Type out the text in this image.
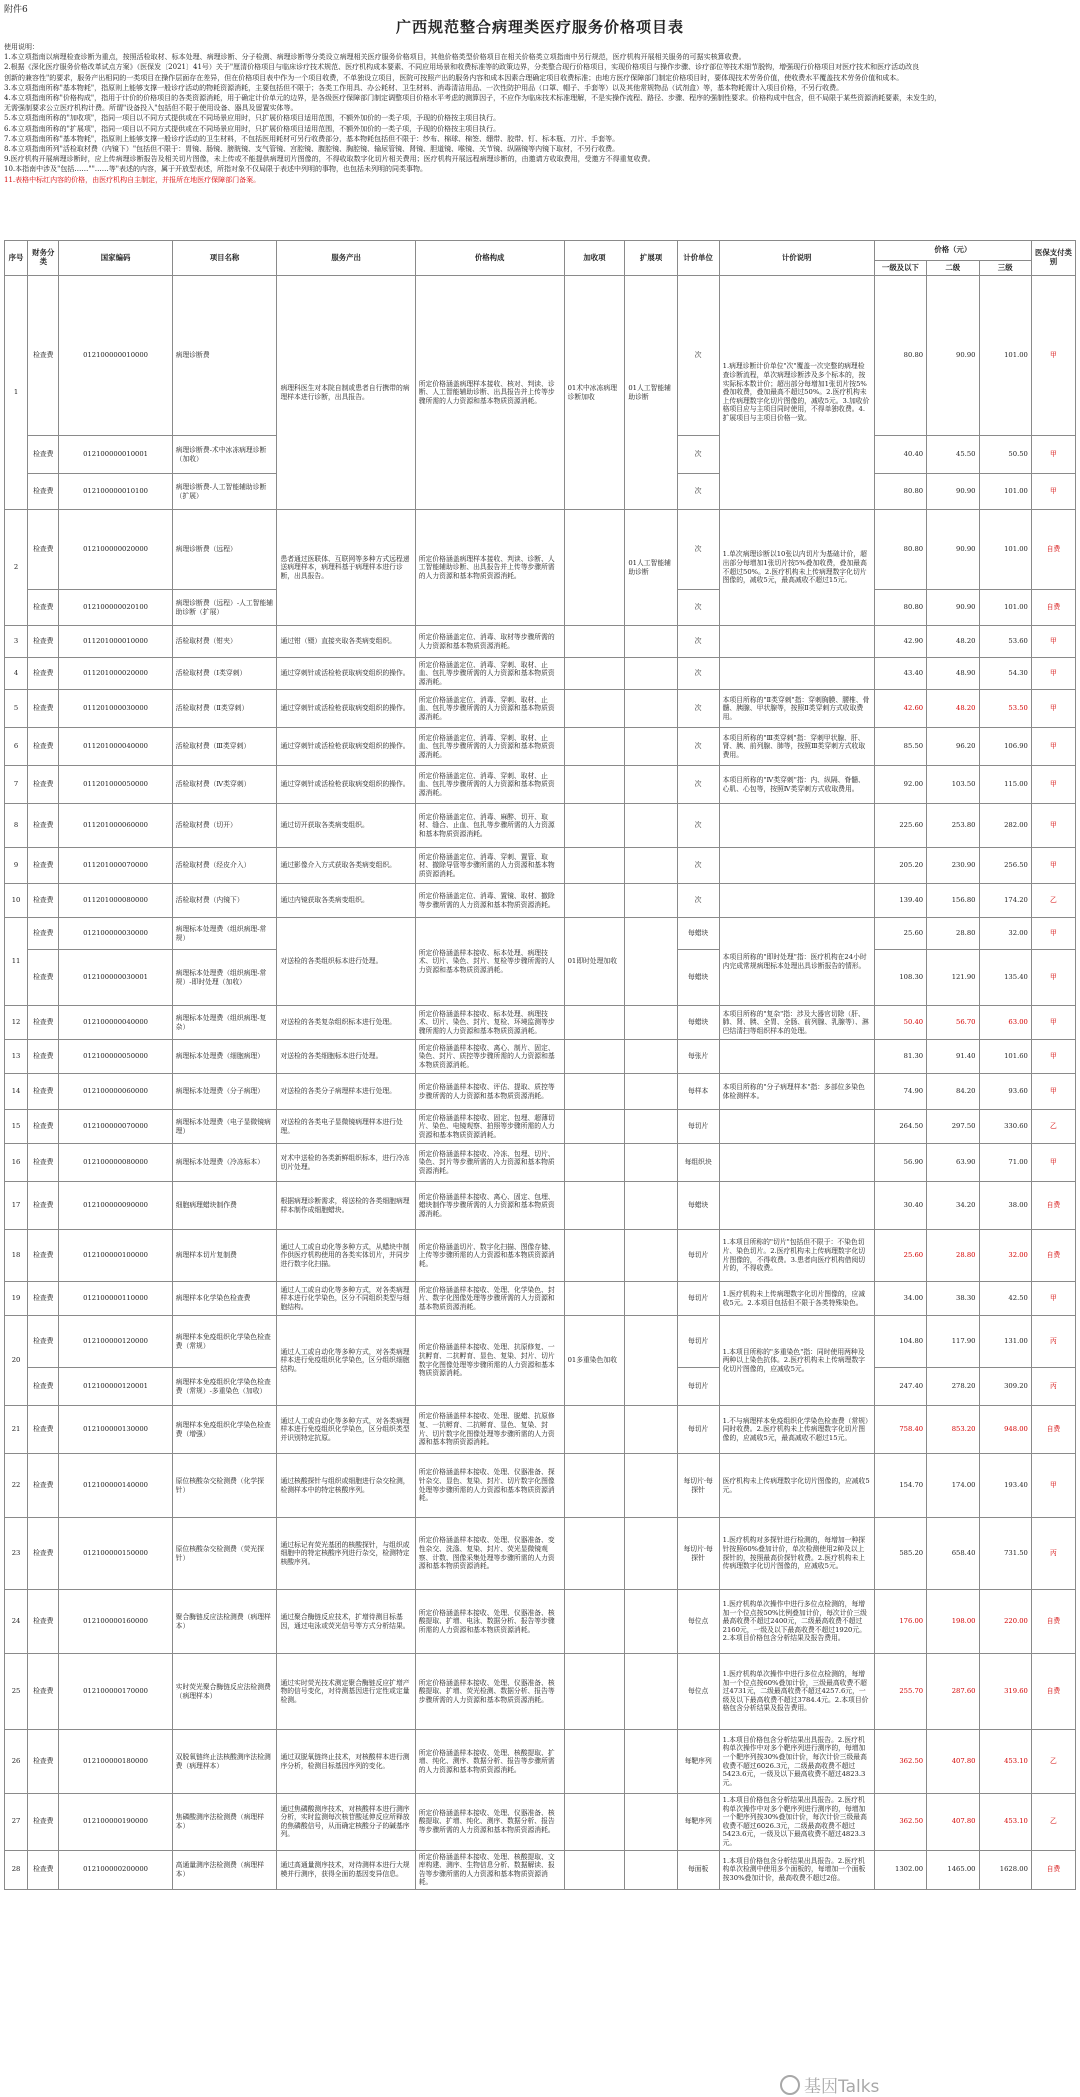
附件6
广西规范整合病理类医疗服务价格项目表
使用说明：
1.本立项指南以病理检查诊断为重点，按照活检取材、标本处理、病理诊断、分子检测、病理诊断等分类设立病理相关医疗服务价格项目，其他价格类型价格项目在相关价格类立项指南中另行规范，医疗机构开展相关服务的可据实核算收费。
2.根据《深化医疗服务价格改革试点方案》（医保发〔2021〕41号）关于"厘清价格项目与临床诊疗技术规范、医疗机构成本要素、不同应用场景和收费标准等的政策边界，分类整合现行价格项目，实现价格项目与操作步骤、诊疗部位等技术细节脱钩，增强现行价格项目对医疗技术和医疗活动改良
创新的兼容性"的要求，服务产出相同的一类项目在操作层面存在差异，但在价格项目表中作为一个项目收费，不单独设立项目，医院可按照产出的服务内容和成本因素合理确定项目收费标准；由地方医疗保障部门制定价格项目时，要体现技术劳务价值，使收费水平覆盖技术劳务价值和成本。
3.本立项指南所称"基本物耗"，指原则上能够支撑一般诊疗活动的物耗资源消耗，主要包括但不限于；各类工作用具、办公耗材、卫生材料、消毒清洁用品、一次性防护用品（口罩、帽子、手套等）以及其他常规物品（试剂盒）等，基本物耗需计入项目价格，不另行收费。
4.本立项指南所称"价格构成"，指用于计价的价格项目的各类资源消耗，用于确定计价单元的边界，是各级医疗保障部门制定调整项目价格水平考虑的测算因子，不应作为临床技术标准理解，不是实操作流程、路径、步骤、程序的强制性要求。价格构成中包含，但不局限于某些资源消耗要素，未发生的，
无需强制要求公立医疗机构计费。所谓"设备投入"包括但不限于使用设备、器具及留置实体等。
5.本立项指南所称的"加收项"，指同一项目以不同方式提供或在不同场景应用时，只扩展价格项目适用范围，不额外加价的一类子项，予现的价格按主项目执行。
6.本立项指南所称的"扩展项"，指同一项目以不同方式提供或在不同场景应用时，只扩展价格项目适用范围，不额外加价的一类子项，予现的价格按主项目执行。
7.本立项指南所称"基本物耗"，指原则上能够支撑一般诊疗活动的卫生材料，不包括医用耗材可另行收费部分，基本物耗包括但不限于：纱布、棉球、棉签、绷带、胶带、钉、标本瓶、刀片、手套等。
8.本立项指南所列"活检取材费（内镜下）"包括但不限于：胃镜、肠镜、膀胱镜、支气管镜、宫腔镜、腹腔镜、胸腔镜、输尿管镜、肾镜、胆道镜、喉镜、关节镜、纵隔镜等内镜下取材，不另行收费。
9.医疗机构开展病理诊断时，应上传病理诊断报告及相关切片图像，未上传或不能提供病理切片图像的，不得收取数字化切片相关费用；医疗机构开展远程病理诊断的，由邀请方收取费用，受邀方不得重复收费。
10.本指南中涉及"包括……""……等"表述的内容，属于开放型表述，所指对象不仅局限于表述中列明的事物，也包括未列明的同类事物。
11.表格中标红内容的价格，由医疗机构自主制定，并报所在地医疗保障部门备案。
序号	财务分类	国家编码	项目名称	服务产出	价格构成	加收项	扩展项	计价单位	计价说明	价格（元）			医保支付类别
										一级及以下	二级	三级	
1	检查费	012100000010000	病理诊断费	病理科医生对本院自制或患者自行携带的病理样本进行诊断，出具报告。	所定价格涵盖病理样本接收、核对、判读、诊断、人工智能辅助诊断、出具报告并上传等步骤所需的人力资源和基本物质资源消耗。	01术中冰冻病理诊断加收	01人工智能辅助诊断	次	1.病理诊断计价单位"次"覆盖一次完整的病理检查诊断流程，单次病理诊断涉及多个标本的，按实际标本数计价；超出部分每增加1张切片按5%叠加收费，叠加最高不超过50%。2.医疗机构未上传病理数字化切片图像的，减收5元。3.加收价格项目应与主项目同时使用，不得单独收费。4.扩展项目与主项目价格一致。	80.80	90.90	101.00	甲
	检查费	012100000010001	病理诊断费-术中冰冻病理诊断（加收）					次		40.40	45.50	50.50	甲
	检查费	012100000010100	病理诊断费-人工智能辅助诊断（扩展）					次		80.80	90.90	101.00	甲
2	检查费	012100000020000	病理诊断费（远程）	患者通过医联体、互联网等多种方式远程递送病理样本，病理科基于病理样本进行诊断，出具报告。	所定价格涵盖病理样本接收、判读、诊断、人工智能辅助诊断、出具报告并上传等步骤所需的人力资源和基本物质资源消耗。		01人工智能辅助诊断	次	1.单次病理诊断以10张以内切片为基础计价，超出部分每增加1张切片按5%叠加收费，叠加最高不超过50%。2.医疗机构未上传病理数字化切片图像的，减收5元，最高减收不超过15元。	80.80	90.90	101.00	自费
	检查费	012100000020100	病理诊断费（远程）-人工智能辅助诊断（扩展）					次		80.80	90.90	101.00	自费
3	检查费	011201000010000	活检取材费（钳夹）	通过钳（镊）直接夹取各类病变组织。	所定价格涵盖定位、消毒、取材等步骤所需的人力资源和基本物质资源消耗。			次		42.90	48.20	53.60	甲
4	检查费	011201000020000	活检取材费（Ⅰ类穿刺）	通过穿刺针或活检枪获取病变组织的操作。	所定价格涵盖定位、消毒、穿刺、取材、止血、包扎等步骤所需的人力资源和基本物质资源消耗。			次		43.40	48.90	54.30	甲
5	检查费	011201000030000	活检取材费（Ⅱ类穿刺）	通过穿刺针或活检枪获取病变组织的操作。	所定价格涵盖定位、消毒、穿刺、取材、止血、包扎等步骤所需的人力资源和基本物质资源消耗。			次	本项目所称的"Ⅱ类穿刺"指：穿刺胸膜、腰椎、骨髓、胰腺、甲状腺等，按照Ⅱ类穿刺方式收取费用。	42.60	48.20	53.50	甲
6	检查费	011201000040000	活检取材费（Ⅲ类穿刺）	通过穿刺针或活检枪获取病变组织的操作。	所定价格涵盖定位、消毒、穿刺、取材、止血、包扎等步骤所需的人力资源和基本物质资源消耗。			次	本项目所称的"Ⅲ类穿刺"指：穿刺甲状腺、肝、肾、胰、前列腺、肺等，按照Ⅲ类穿刺方式收取费用。	85.50	96.20	106.90	甲
7	检查费	011201000050000	活检取材费（Ⅳ类穿刺）	通过穿刺针或活检枪获取病变组织的操作。	所定价格涵盖定位、消毒、穿刺、取材、止血、包扎等步骤所需的人力资源和基本物质资源消耗。			次	本项目所称的"Ⅳ类穿刺"指：内、纵隔、脊髓、心肌、心包等，按照Ⅳ类穿刺方式收取费用。	92.00	103.50	115.00	甲
8	检查费	011201000060000	活检取材费（切开）	通过切开获取各类病变组织。	所定价格涵盖定位、消毒、麻醉、切开、取材、缝合、止血、包扎等步骤所需的人力资源和基本物质资源消耗。			次		225.60	253.80	282.00	甲
9	检查费	011201000070000	活检取材费（经皮介入）	通过影像介入方式获取各类病变组织。	所定价格涵盖定位、消毒、穿刺、置管、取材、撤除导管等步骤所需的人力资源和基本物质资源消耗。			次		205.20	230.90	256.50	甲
10	检查费	011201000080000	活检取材费（内镜下）	通过内镜获取各类病变组织。	所定价格涵盖定位、消毒、置镜、取材、撤除等步骤所需的人力资源和基本物质资源消耗。			次		139.40	156.80	174.20	乙
11	检查费	012100000030000	病理标本处理费（组织病理-常规）	对送检的各类组织标本进行处理。	所定价格涵盖样本接收、标本处理、病理技术、切片、染色、封片、复检等步骤所需的人力资源和基本物质资源消耗。	01即时处理加收		每蜡块	本项目所称的"即时处理"指：医疗机构在24小时内完成常规病理标本处理出具诊断报告的情形。	25.60	28.80	32.00	甲
	检查费	012100000030001	病理标本处理费（组织病理-常规）-即时处理（加收）					每蜡块		108.30	121.90	135.40	甲
12	检查费	012100000040000	病理标本处理费（组织病理-复杂）	对送检的各类复杂组织标本进行处理。	所定价格涵盖样本接收、标本处理、病理技术、切片、染色、封片、复检、环境监测等步骤所需的人力资源和基本物质资源消耗。			每蜡块	本项目所称的"复杂"指：涉及大器官切除（肝、肺、肾、胰、全胃、全肠、前列腺、乳腺等）、淋巴结清扫等组织样本的处理。	50.40	56.70	63.00	甲
13	检查费	012100000050000	病理标本处理费（细胞病理）	对送检的各类细胞标本进行处理。	所定价格涵盖样本接收、离心、制片、固定、染色、封片、质控等步骤所需的人力资源和基本物质资源消耗。			每张片		81.30	91.40	101.60	甲
14	检查费	012100000060000	病理标本处理费（分子病理）	对送检的各类分子病理样本进行处理。	所定价格涵盖样本接收、评估、提取、质控等步骤所需的人力资源和基本物质资源消耗。			每样本	本项目所称的"分子病理样本"指：多部位多染色体检测样本。	74.90	84.20	93.60	甲
15	检查费	012100000070000	病理标本处理费（电子显微镜病理）	对送检的各类电子显微镜病理样本进行处理。	所定价格涵盖样本接收、固定、包埋、超薄切片、染色、电镜观察、拍照等步骤所需的人力资源和基本物质资源消耗。			每切片		264.50	297.50	330.60	乙
16	检查费	012100000080000	病理标本处理费（冷冻标本）	对术中送检的各类新鲜组织标本，进行冷冻切片处理。	所定价格涵盖样本接收、冷冻、包埋、切片、染色、封片等步骤所需的人力资源和基本物质资源消耗。			每组织块		56.90	63.90	71.00	甲
17	检查费	012100000090000	细胞病理蜡块制作费	根据病理诊断需求，将送检的各类细胞病理样本制作成细胞蜡块。	所定价格涵盖样本接收、离心、固定、包埋、蜡块制作等步骤所需的人力资源和基本物质资源消耗。			每蜡块		30.40	34.20	38.00	自费
18	检查费	012100000100000	病理样本切片复制费	通过人工或自动化等多种方式，从蜡块中制作供医疗机构使用的各类实体切片，并同步进行数字化扫描。	所定价格涵盖切片、数字化扫描、图像存储、上传等步骤所需的人力资源和基本物质资源消耗。			每切片	1.本项目所称的"切片"包括但不限于：不染色切片、染色切片。2.医疗机构未上传病理数字化切片图像的，不得收费。3.患者向医疗机构借阅切片的，不得收费。	25.60	28.80	32.00	自费
19	检查费	012100000110000	病理样本化学染色检查费	通过人工或自动化等多种方式，对各类病理样本进行化学染色，区分不同组织类型与细胞结构。	所定价格涵盖样本接收、处理、化学染色、封片、数字化图像处理等步骤所需的人力资源和基本物质资源消耗。			每切片	1.医疗机构未上传病理数字化切片图像的，应减收5元。2.本项目包括但不限于各类特殊染色。	34.00	38.30	42.50	甲
20	检查费	012100000120000	病理样本免疫组织化学染色检查费（常规）	通过人工或自动化等多种方式，对各类病理样本进行免疫组织化学染色，区分组织细胞结构。	所定价格涵盖样本接收、处理、抗原修复、一抗孵育、二抗孵育、显色、复染、封片、切片数字化图像处理等步骤所需的人力资源和基本物质资源消耗。	01多重染色加收		每切片	1.本项目所称的"多重染色"指：同时使用两种及两种以上染色抗体。2.医疗机构未上传病理数字化切片图像的，应减收5元。	104.80	117.90	131.00	丙
	检查费	012100000120001	病理样本免疫组织化学染色检查费（常规）-多重染色（加收）					每切片		247.40	278.20	309.20	丙
21	检查费	012100000130000	病理样本免疫组织化学染色检查费（增强）	通过人工或自动化等多种方式，对各类病理样本进行免疫组织化学染色，区分组织类型并识别特定抗原。	所定价格涵盖样本接收、处理、脱蜡、抗原修复、一抗孵育、二抗孵育、显色、复染、封片、切片数字化图像处理等步骤所需的人力资源和基本物质资源消耗。			每切片	1.不与病理样本免疫组织化学染色检查费（常规）同时收费。2.医疗机构未上传病理数字化切片图像的，应减收5元，最高减收不超过15元。	758.40	853.20	948.00	自费
22	检查费	012100000140000	原位核酸杂交检测费（化学探针）	通过核酸探针与组织或细胞进行杂交检测，检测样本中的特定核酸序列。	所定价格涵盖样本接收、处理、仪器准备、探针杂交、显色、复染、封片、切片数字化图像处理等步骤所需的人力资源和基本物质资源消耗。			每切片·每探针	医疗机构未上传病理数字化切片图像的，应减收5元。	154.70	174.00	193.40	甲
23	检查费	012100000150000	原位核酸杂交检测费（荧光探针）	通过标记有荧光基团的核酸探针，与组织或细胞中的特定核酸序列进行杂交，检测特定核酸序列。	所定价格涵盖样本接收、处理、仪器准备、变性杂交、洗涤、复染、封片、荧光显微镜观察、计数、图像采集处理等步骤所需的人力资源和基本物质资源消耗。			每切片·每探针	1.医疗机构对多探针进行检测的，每增加一种探针按照60%叠加计价，单次检测使用2种及以上探针的，按照最高价探针收费。2.医疗机构未上传病理数字化切片图像的，应减收5元。	585.20	658.40	731.50	丙
24	检查费	012100000160000	聚合酶链反应法检测费（病理样本）	通过聚合酶链反应技术，扩增待测目标基因，通过电泳或荧光信号等方式分析结果。	所定价格涵盖样本接收、处理、仪器准备、核酸提取、扩增、电泳、数据分析、报告等步骤所需的人力资源和基本物质资源消耗。			每位点	1.医疗机构单次操作中进行多位点检测的，每增加一个位点按50%比例叠加计价，每次计价三级最高收费不超过2400元，二级最高收费不超过2160元，一级及以下最高收费不超过1920元。2.本项目价格包含分析结果及报告费用。	176.00	198.00	220.00	自费
25	检查费	012100000170000	实时荧光聚合酶链反应法检测费（病理样本）	通过实时荧光技术测定聚合酶链反应扩增产物的信号变化，对待测基因进行定性或定量检测。	所定价格涵盖样本接收、处理、仪器准备、核酸提取、扩增、荧光检测、数据分析、报告等步骤所需的人力资源和基本物质资源消耗。			每位点	1.医疗机构单次操作中进行多位点检测的，每增加一个位点按60%叠加计价，三级最高收费不超过4731元，二级最高收费不超过4257.6元，一级及以下最高收费不超过3784.4元。2.本项目价格包含分析结果及报告费用。	255.70	287.60	319.60	自费
26	检查费	012100000180000	双脱氧链终止法核酸测序法检测费（病理样本）	通过双脱氧链终止技术，对核酸样本进行测序分析，检测目标基因序列的变化。	所定价格涵盖样本接收、处理、核酸提取、扩增、纯化、测序、数据分析、报告等步骤所需的人力资源和基本物质资源消耗。			每靶序列	1.本项目价格包含分析结果出具报告。2.医疗机构单次操作中对多个靶序列进行测序的，每增加一个靶序列按30%叠加计价，每次计价三级最高收费不超过6026.3元，二级最高收费不超过5423.6元，一级及以下最高收费不超过4823.3元。	362.50	407.80	453.10	乙
27	检查费	012100000190000	焦磷酸测序法检测费（病理样本）	通过焦磷酸测序技术，对核酸样本进行测序分析，实时监测每次核苷酸延伸反应所释放的焦磷酸信号，从而确定核酸分子的碱基序列。	所定价格涵盖样本接收、处理、仪器准备、核酸提取、扩增、纯化、测序、数据分析、报告等步骤所需的人力资源和基本物质资源消耗。			每靶序列	1.本项目价格包含分析结果出具报告。2.医疗机构单次操作中对多个靶序列进行测序的，每增加一个靶序列按30%叠加计价，每次计价三级最高收费不超过6026.3元，二级最高收费不超过5423.6元，一级及以下最高收费不超过4823.3元。	362.50	407.80	453.10	乙
28	检查费	012100000200000	高通量测序法检测费（病理样本）	通过高通量测序技术，对待测样本进行大规模并行测序，获得全面的基因变异信息。	所定价格涵盖样本接收、处理、核酸提取、文库构建、测序、生物信息分析、数据解读、报告等步骤所需的人力资源和基本物质资源消耗。			每面板	1.本项目价格包含分析结果出具报告。2.医疗机构单次检测中使用多个面板的，每增加一个面板按30%叠加计价，最高收费不超过2倍。	1302.00	1465.00	1628.00	自费
基因Talks
